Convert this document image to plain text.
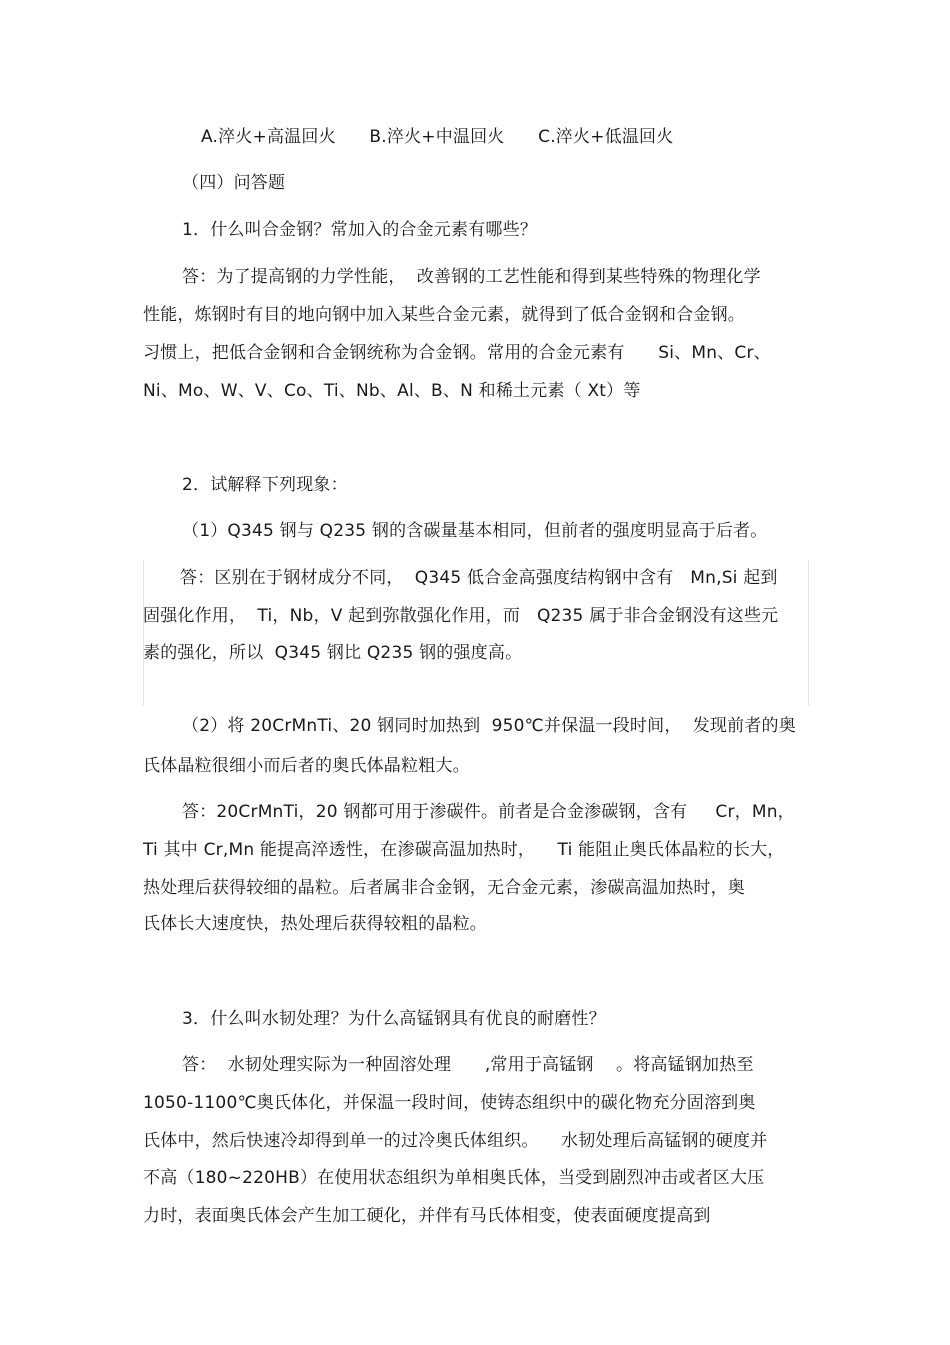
A.淬火+高温回火      B.淬火+中温回火      C.淬火+低温回火
（四）问答题
1．什么叫合金钢？常加入的合金元素有哪些？
答：为了提高钢的力学性能，  改善钢的工艺性能和得到某些特殊的物理化学
性能，炼钢时有目的地向钢中加入某些合金元素，就得到了低合金钢和合金钢。
习惯上，把低合金钢和合金钢统称为合金钢。常用的合金元素有      Si、Mn、Cr、
Ni、Mo、W、V、Co、Ti、Nb、Al、B、N 和稀土元素（ Xt）等
2．试解释下列现象：
（1）Q345 钢与 Q235 钢的含碳量基本相同，但前者的强度明显高于后者。
答：区别在于钢材成分不同，  Q345 低合金高强度结构钢中含有   Mn,Si 起到
固强化作用，  Ti，Nb，V 起到弥散强化作用，而   Q235 属于非合金钢没有这些元
素的强化，所以  Q345 钢比 Q235 钢的强度高。
（2）将 20CrMnTi、20 钢同时加热到  950℃并保温一段时间，  发现前者的奥
氏体晶粒很细小而后者的奥氏体晶粒粗大。
答：20CrMnTi，20 钢都可用于渗碳件。前者是合金渗碳钢，含有     Cr，Mn，
Ti 其中 Cr,Mn 能提高淬透性，在渗碳高温加热时，    Ti 能阻止奥氏体晶粒的长大，
热处理后获得较细的晶粒。后者属非合金钢，无合金元素，渗碳高温加热时，奥
氏体长大速度快，热处理后获得较粗的晶粒。
3．什么叫水韧处理？为什么高锰钢具有优良的耐磨性？
答：  水韧处理实际为一种固溶处理      ,常用于高锰钢    。将高锰钢加热至
1050-1100℃奥氏体化，并保温一段时间，使铸态组织中的碳化物充分固溶到奥
氏体中，然后快速冷却得到单一的过冷奥氏体组织。    水韧处理后高锰钢的硬度并
不高（180~220HB）在使用状态组织为单相奥氏体，当受到剧烈冲击或者区大压
力时，表面奥氏体会产生加工硬化，并伴有马氏体相变，使表面硬度提高到
